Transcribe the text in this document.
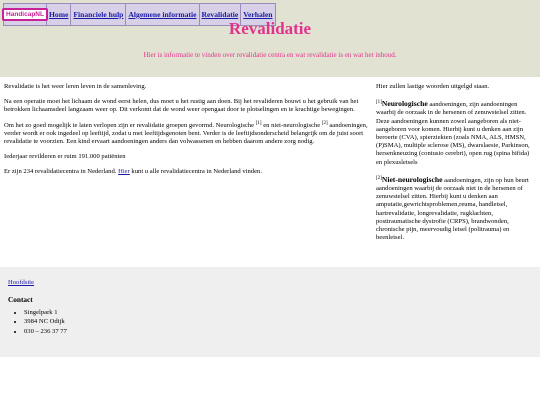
HandicapNL Home Financiele hulp Algemene informatie Revalidatie Verhalen
Revalidatie

Hier is informatie te vinden over revalidatie centra en wat revalidatie is en wat het inhoud.

Revalidatie is het weer leren leven in de samenleving.

Na een operatie moet het lichaam de wond eerst helen, dus moet u het rustig aan doen. Bij het revalideren bouwt u het gebruik van het betrokken lichaamsdeel langzaam weer op. Dit verkomt dat de wond weer opengaat door te plotselingen en te krachtige bewegingen.

Om het zo goed mogelijk te laten verlopen zijn er revalidatie groepen gevormd. Neurologische [1] en niet-neurologische [2] aandoeningen, verder wordt er ook ingedeel op leeftijd, zodat u met leeftijdsgenoten bent. Verder is de leeftijdsonderscheid belangrijk om de juist soort revalidatie te voorzien. Een kind ervaart aandoeningen anders dan volwassenen en hebben daarom andere zorg nodig.

Iederjaar revilderen er ruim 191.000 patiënten

Er zijn 234 revalidatiecentra in Nederland. Hier kunt u alle revalidatiecentra in Nederland vinden.

Hier zullen lastige woorden uitgelgd staan.

[1]Neurologische aandoeningen, zijn aandoeningen waarbij de oorzaak in de hersenen of zenuwstelsel zitten. Deze aandoeningen kunnen zowel aangeboren als niet-aangeboren voor komen. Hierbij kunt u denken aan zijn beroerte (CVA), spierziekten (zoals NMA, ALS, HMSN, (P)SMA), multiple sclerose (MS), dwarslaesie, Parkinson, hersenkneuzing (contusio cerebri), open rug (spina bifida) en plexusletsels

[2]Niet-neurologische aandoeningen, zijn op hun beurt aandoeningen waarbij de oorzaak niet in de hersenen of zenuwstelsel zitten. Hierbij kunt u denken aan amputatie,gewrichtsproblemen,reuma, handletsel, hartrevalidatie, longrevalidatie, rugklachten, posttraumatische dystrofie (CRPS), brandwonden, chronische pijn, meervoudig letsel (politrauma) en beenletsel.

Hoofdsite
Contact
• Singelpark 1
• 3984 NC Odijk
• 030 – 236 37 77
